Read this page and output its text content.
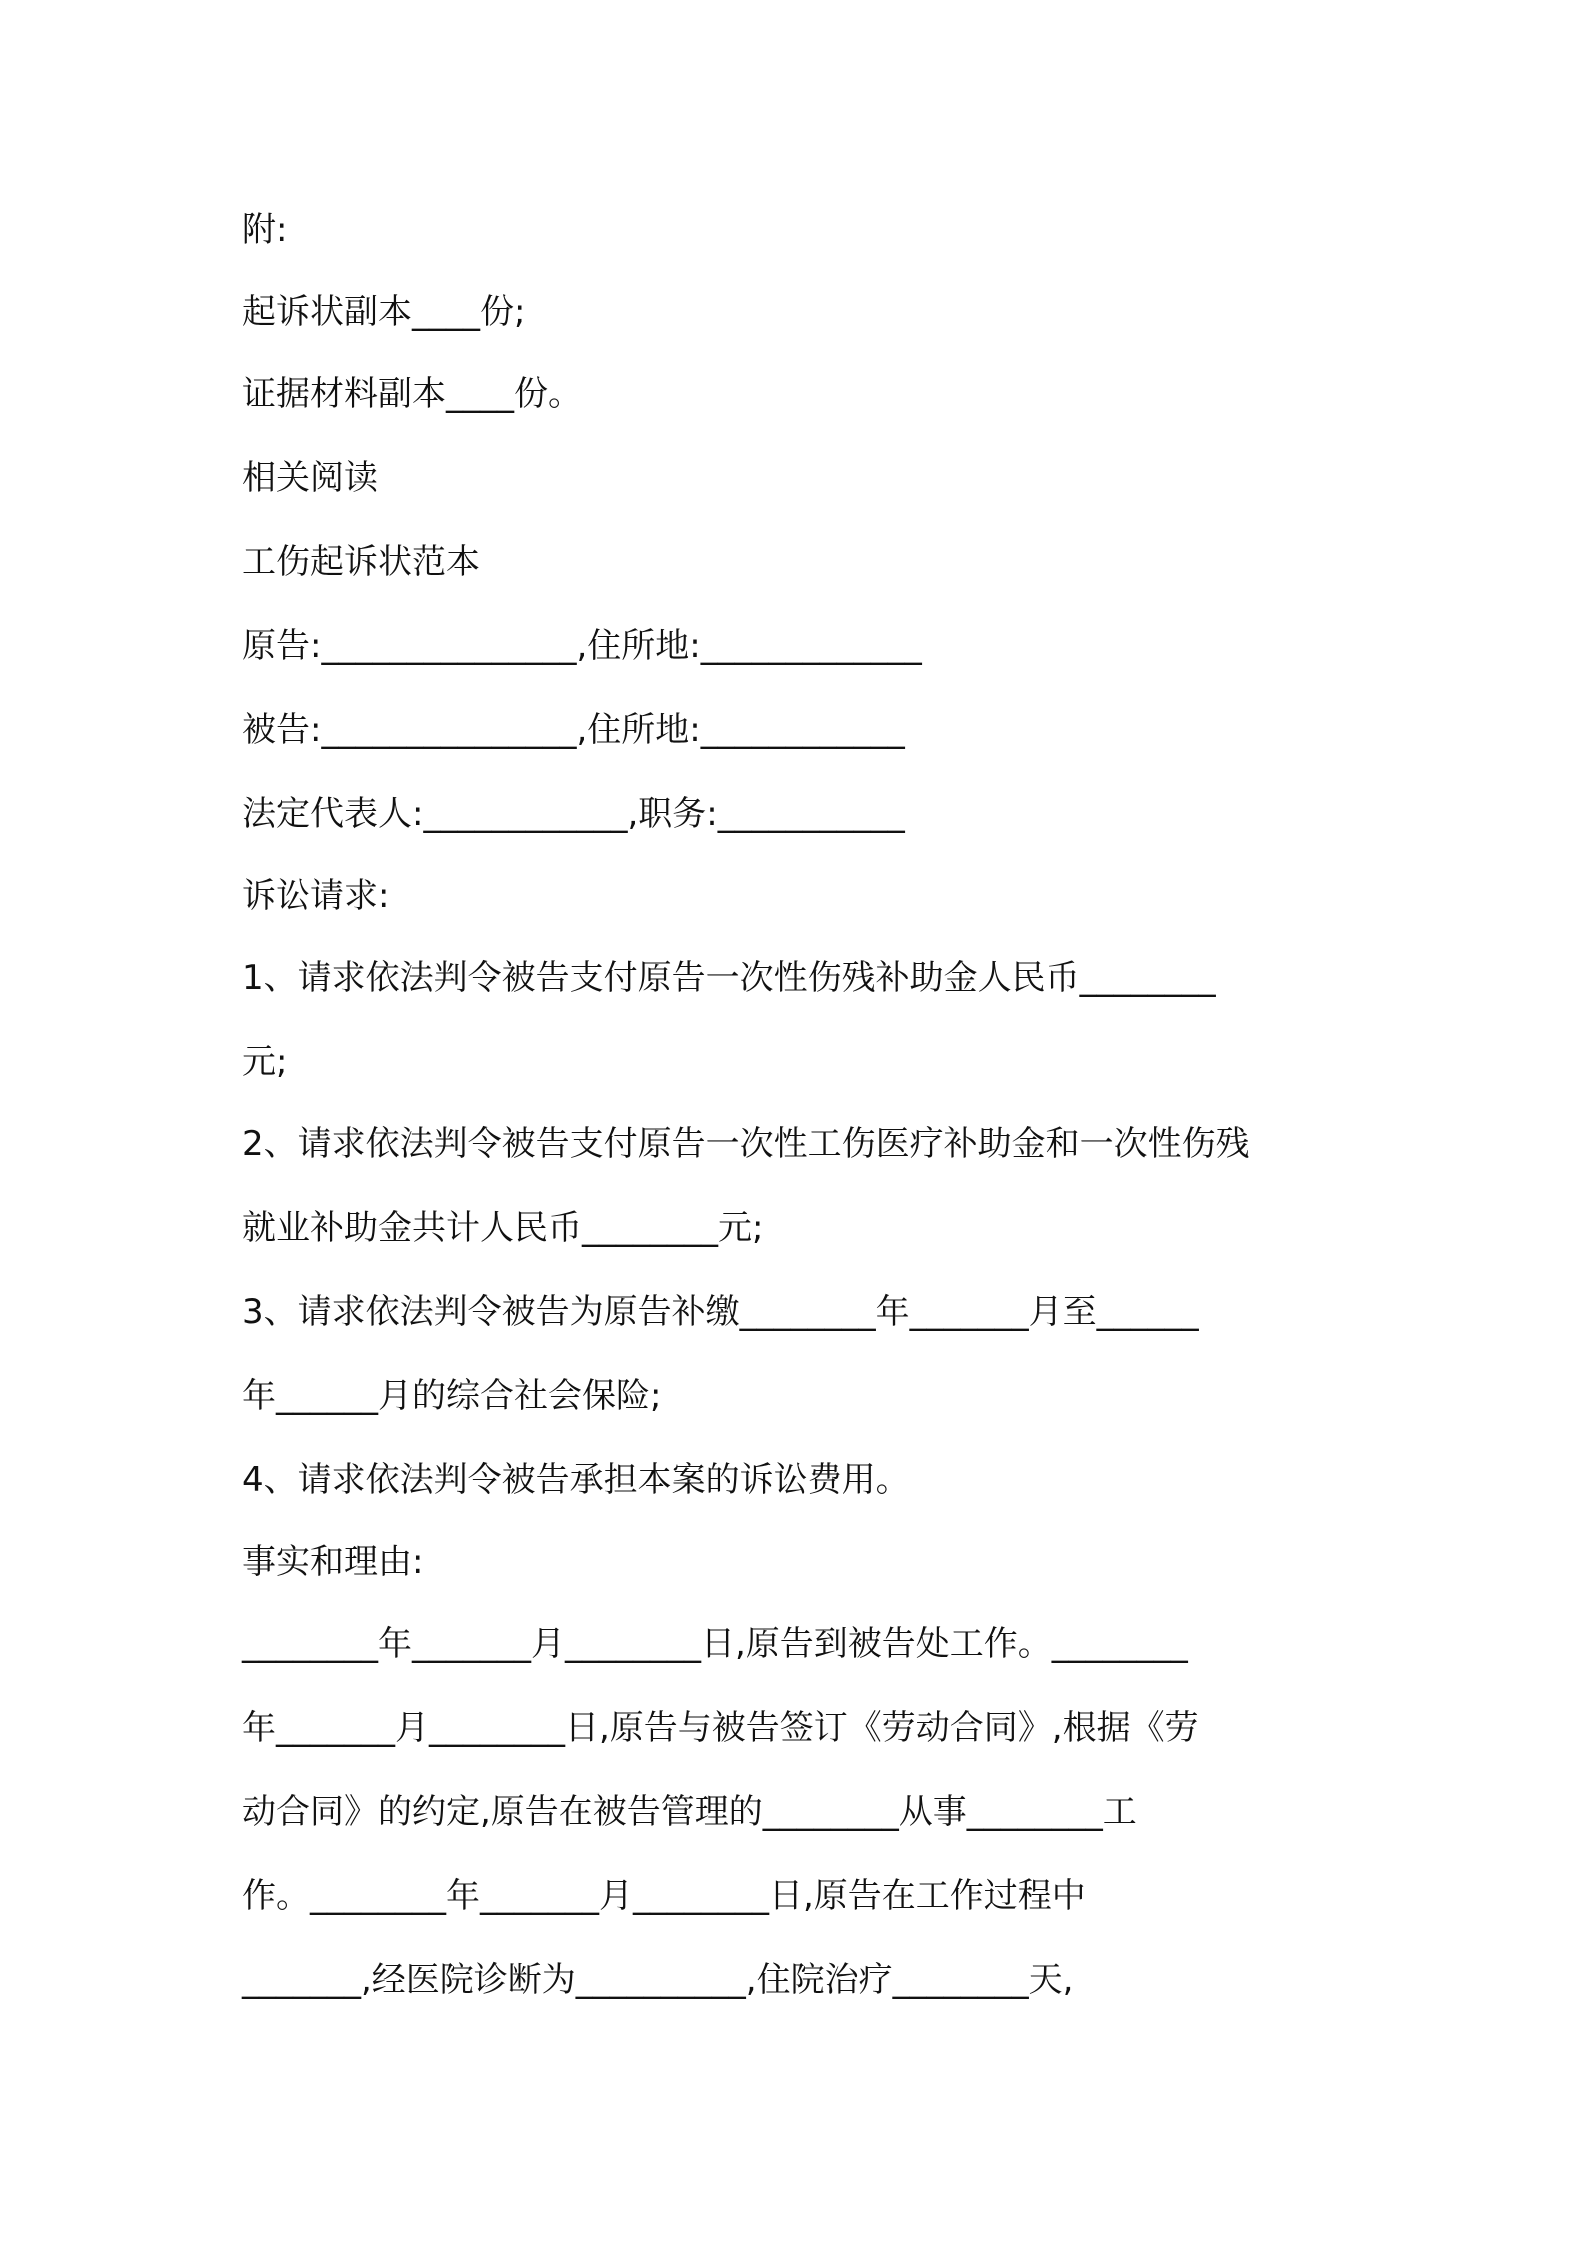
附:
起诉状副本____份;
证据材料副本____份。
相关阅读
工伤起诉状范本
原告:_______________,住所地:_____________
被告:_______________,住所地:____________
法定代表人:____________,职务:___________
诉讼请求:
1、请求依法判令被告支付原告一次性伤残补助金人民币________
元;
2、请求依法判令被告支付原告一次性工伤医疗补助金和一次性伤残
就业补助金共计人民币________元;
3、请求依法判令被告为原告补缴________年_______月至______
年______月的综合社会保险;
4、请求依法判令被告承担本案的诉讼费用。
事实和理由:
________年_______月________日,原告到被告处工作。________
年_______月________日,原告与被告签订《劳动合同》,根据《劳
动合同》的约定,原告在被告管理的________从事________工
作。________年_______月________日,原告在工作过程中
_______,经医院诊断为__________,住院治疗________天,
